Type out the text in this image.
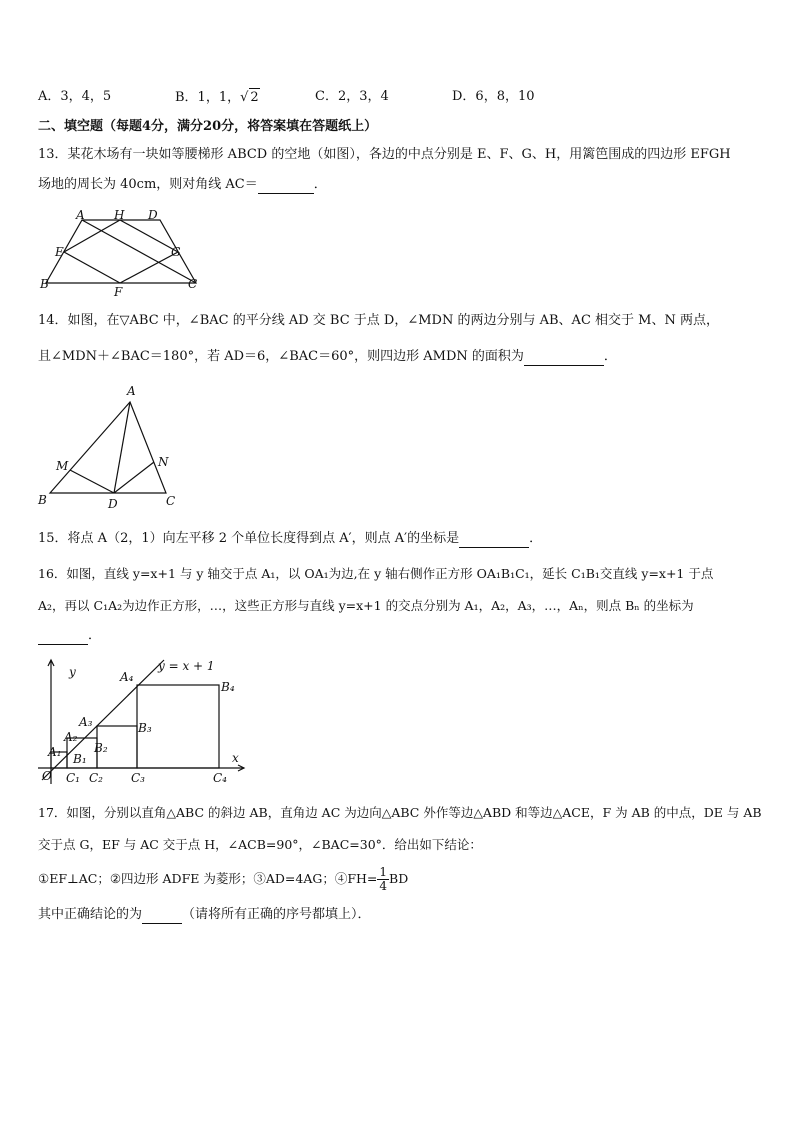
A．3，4，5	B．1，1，√ 2	C．2，3，4	D．6，8，10
二、填空题（每题4分，满分20分，将答案填在答题纸上）
13．某花木场有一块如等腰梯形 ABCD 的空地（如图），各边的中点分别是 E、F、G、H，用篱笆围成的四边形 EFGH
场地的周长为 40cm，则对角线 AC＝	．
A H D
E	G
B
F
C
14．如图，在▽ABC 中，∠BAC 的平分线 AD 交 BC 于点 D，∠MDN 的两边分别与 AB、AC 相交于 M、N 两点，
且∠MDN＋∠BAC＝180°，若 AD＝6，∠BAC＝60°，则四边形 AMDN 的面积为	．
A
M	N
B	D	C
15．将点 A（2，1）向左平移 2 个单位长度得到点 A′，则点 A′的坐标是	．
16．如图，直线 y=x+1 与 y 轴交于点 A₁，以 OA₁为边,在 y 轴右侧作正方形 OA₁B₁C₁，延长 C₁B₁交直线 y=x+1 于点
A₂，再以 C₁A₂为边作正方形，…，这些正方形与直线 y=x+1 的交点分别为 A₁，A₂，A₃，…，Aₙ，则点 Bₙ 的坐标为
．
y
x
y = x + 1
O
A₁
A₂
A₃
A₄
B₁
B₂
B₃
B₄
C₁ C₂ C₃	C₄
17．如图，分别以直角△ABC 的斜边 AB，直角边 AC 为边向△ABC 外作等边△ABD 和等边△ACE，F 为 AB 的中点，DE 与 AB
交于点 G，EF 与 AC 交于点 H，∠ACB=90°，∠BAC=30°．给出如下结论：
①EF⊥AC；②四边形 ADFE 为菱形；③AD=4AG；④FH= $\frac{1}{4}$ BD
其中正确结论的为	（请将所有正确的序号都填上）．
